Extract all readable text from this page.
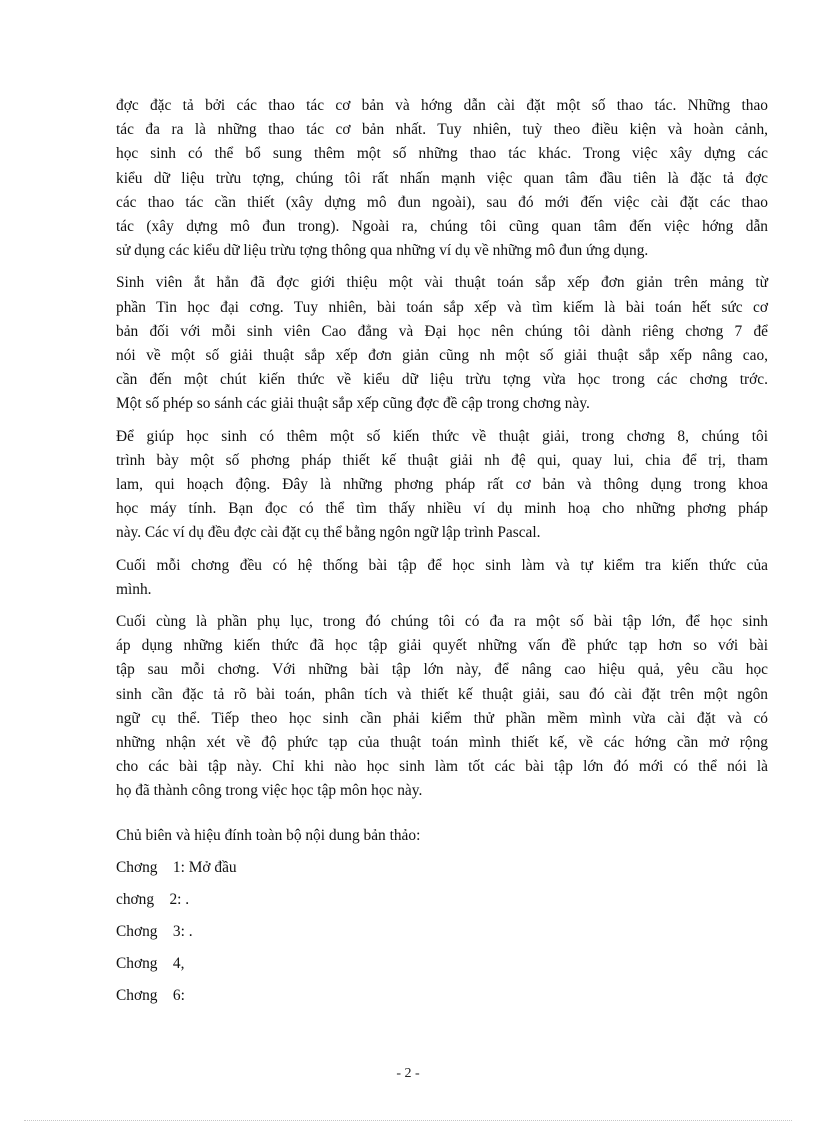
đợc đặc tả bởi các thao tác cơ bản và hớng dẫn cài đặt một số thao tác. Những thao
tác đa ra là những thao tác cơ bản nhất. Tuy nhiên, tuỳ theo điều kiện và hoàn cảnh,
học sinh có thể bổ sung thêm một số những thao tác khác. Trong việc xây dựng các
kiểu dữ liệu trừu tợng, chúng tôi rất nhấn mạnh việc quan tâm đầu tiên là đặc tả đợc
các thao tác cần thiết (xây dựng mô đun ngoài), sau đó mới đến việc cài đặt các thao
tác (xây dựng mô đun trong). Ngoài ra, chúng tôi cũng quan tâm đến việc hớng dẫn
sử dụng các kiểu dữ liệu trừu tợng thông qua những ví dụ về những mô đun ứng dụng.

Sinh viên ắt hẳn đã đợc giới thiệu một vài thuật toán sắp xếp đơn giản trên mảng từ
phần Tin học đại cơng. Tuy nhiên, bài toán sắp xếp và tìm kiếm là bài toán hết sức cơ
bản đối với mỗi sinh viên Cao đẳng và Đại học nên chúng tôi dành riêng chơng 7 để
nói về một số giải thuật sắp xếp đơn giản cũng nh một số giải thuật sắp xếp nâng cao,
cần đến một chút kiến thức về kiểu dữ liệu trừu tợng vừa học trong các chơng trớc.
Một số phép so sánh các giải thuật sắp xếp cũng đợc đề cập trong chơng này.

Để giúp học sinh có thêm một số kiến thức về thuật giải, trong chơng 8, chúng tôi
trình bày một số phơng pháp thiết kế thuật giải nh đệ qui, quay lui, chia để trị, tham
lam, qui hoạch động. Đây là những phơng pháp rất cơ bản và thông dụng trong khoa
học máy tính. Bạn đọc có thể tìm thấy nhiều ví dụ minh hoạ cho những phơng pháp
này. Các ví dụ đều đợc cài đặt cụ thể bằng ngôn ngữ lập trình Pascal.

Cuối mỗi chơng đều có hệ thống bài tập để học sinh làm và tự kiểm tra kiến thức của
mình.

Cuối cùng là phần phụ lục, trong đó chúng tôi có đa ra một số bài tập lớn, để học sinh
áp dụng những kiến thức đã học tập giải quyết những vấn đề phức tạp hơn so với bài
tập sau mỗi chơng. Với những bài tập lớn này, để nâng cao hiệu quả, yêu cầu học
sinh cần đặc tả rõ bài toán, phân tích và thiết kế thuật giải, sau đó cài đặt trên một ngôn
ngữ cụ thể. Tiếp theo học sinh cần phải kiểm thử phần mềm mình vừa cài đặt và có
những nhận xét về độ phức tạp của thuật toán mình thiết kế, về các hớng cần mở rộng
cho các bài tập này. Chỉ khi nào học sinh làm tốt các bài tập lớn đó mới có thể nói là
họ đã thành công trong việc học tập môn học này.

Chủ biên và hiệu đính toàn bộ nội dung bản thảo:
Chơng    1: Mở đầu
chơng    2: .
Chơng    3: .
Chơng    4,
Chơng    6:
- 2 -
